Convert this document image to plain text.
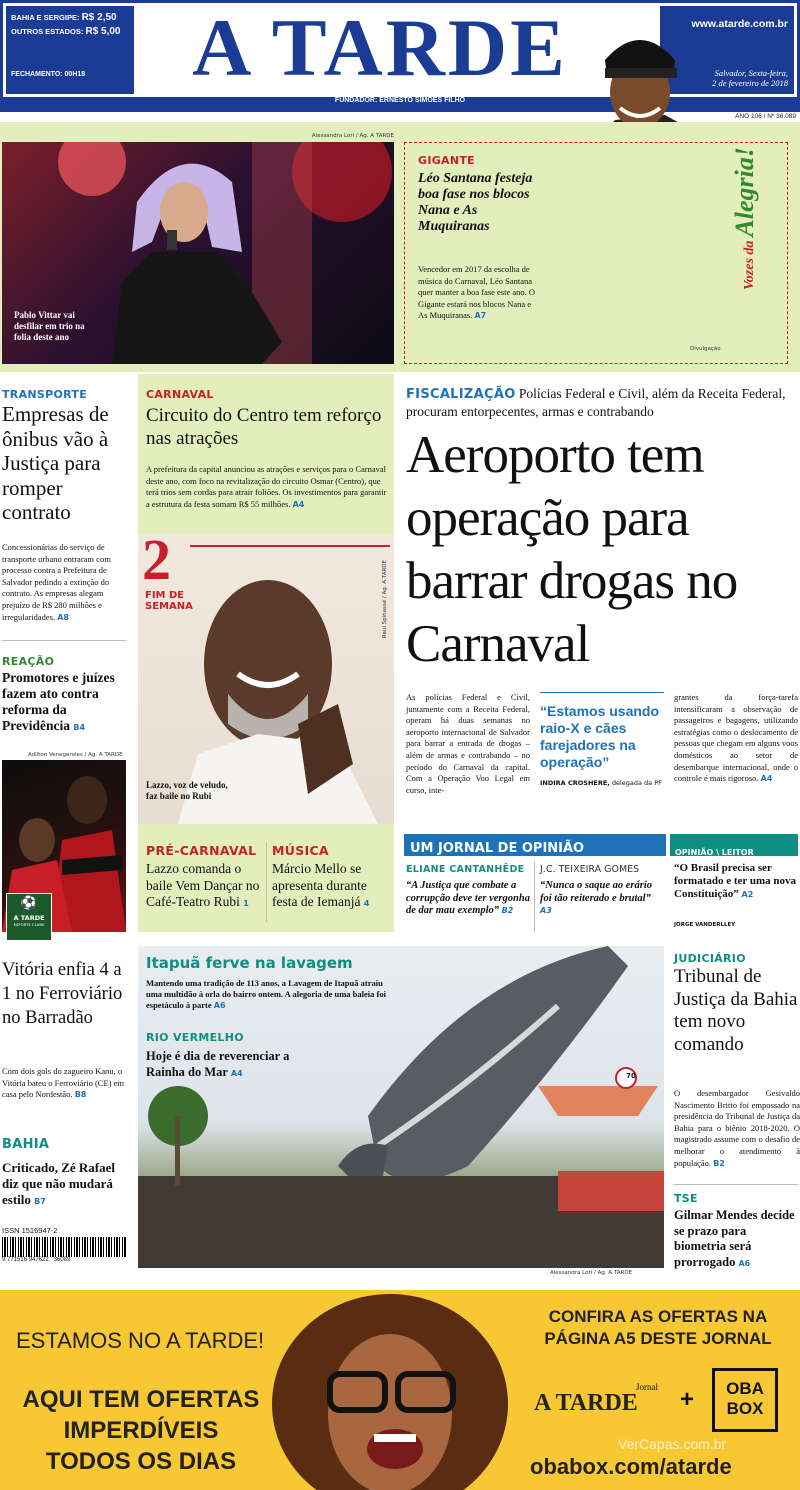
BAHIA E SERGIPE: R$ 2,50
OUTROS ESTADOS: R$ 5,00
FECHAMENTO: 00H18	A TARDE
FUNDADOR: ERNESTO SIMÕES FILHO
www.atarde.com.br
Salvador, Sexta-feira,
2 de fevereiro de 2018
ANO 106 / Nº 36.089
Alessandra Lori / Ag. A TARDE
Pablo Vittar vai desfilar em trio na folia deste ano
GIGANTE
Léo Santana festeja boa fase nos blocos Nana e As Muquiranas
Vencedor em 2017 da escolha de música do Carnaval, Léo Santana quer manter a boa fase este ano. O Gigante estará nos blocos Nana e As Muquiranas. A7
Vozes da Alegria!
Divulgação
TRANSPORTE
Empresas de ônibus vão à Justiça para romper contrato
Concessionárias do serviço de transporte urbano entraram com processo contra a Prefeitura de Salvador pedindo a extinção do contrato. As empresas alegam prejuízo de R$ 280 milhões e irregularidades. A8
REAÇÃO
Promotores e juízes fazem ato contra reforma da Previdência B4
Adilton Venegeroles / Ag. A TARDE
⚽
A TARDE
ESPORTE CLUBE
Vitória enfia 4 a 1 no Ferroviário no Barradão
Com dois gols do zagueiro Kanu, o Vitória bateu o Ferroviário (CE) em casa pelo Nordestão. B8
BAHIA
Criticado, Zé Rafael diz que não mudará estilo B7
ISSN 1516947-2
9 771516 947622   36089
CARNAVAL
Circuito do Centro tem reforço nas atrações
A prefeitura da capital anunciou as atrações e serviços para o Carnaval deste ano, com foco na revitalização do circuito Osmar (Centro), que terá trios sem cordas para atrair foliões. Os investimentos para garantir a estrutura da festa somam R$ 55 milhões. A4
2
FIM DE
SEMANA	Raul Spinassé / Ag. A TARDE
Lazzo, voz de veludo, faz baile no Rubi
PRÉ-CARNAVAL
Lazzo comanda o baile Vem Dançar no Café-Teatro Rubi 1
MÚSICA
Márcio Mello se apresenta durante festa de Iemanjá 4
FISCALIZAÇÃO Polícias Federal e Civil, além da Receita Federal, procuram entorpecentes, armas e contrabando
Aeroporto tem operação para barrar drogas no Carnaval
As polícias Federal e Civil, juntamente com a Receita Federal, operam há duas semanas no aeroporto internacional de Salvador para barrar a entrada de drogas – além de armas e contrabando – no período do Carnaval da capital. Com a Operação Voo Legal em curso, inte-
“Estamos usando raio-X e cães farejadores na operação”
INDIRA CROSHERE, delegada da PF
grantes da força-tarefa intensificaram a observação de passageiros e bagagens, utilizando estratégias como o deslocamento de pessoas que chegam em alguns voos domésticos ao setor de desembarque internacional, onde o controle é mais rigoroso. A4
UM JORNAL DE OPINIÃO	OPINIÃO \ LEITOR
ELIANE CANTANHÊDE
“A Justiça que combate a corrupção deve ter vergonha de dar mau exemplo” B2
J.C. TEIXEIRA GOMES
“Nunca o saque ao erário foi tão reiterado e brutal” A3
“O Brasil precisa ser formatado e ter uma nova Constituição” A2
JORGE VANDERLLEY
70
Itapuã ferve na lavagem
Mantendo uma tradição de 113 anos, a Lavagem de Itapuã atraiu uma multidão à orla do bairro ontem. A alegoria de uma baleia foi espetáculo à parte A6
RIO VERMELHO
Hoje é dia de reverenciar a Rainha do Mar A4
Alessandra Lori / Ag. A TARDE
JUDICIÁRIO
Tribunal de Justiça da Bahia tem novo comando
O desembargador Gesivaldo Nascimento Britto foi empossado na presidência do Tribunal de Justiça da Bahia para o biênio 2018-2020. O magistrado assume com o desafio de melhorar o atendimento à população. B2
TSE
Gilmar Mendes decide se prazo para biometria será prorrogado A6
ESTAMOS NO A TARDE!
AQUI TEM OFERTAS
IMPERDÍVEIS
TODOS OS DIAS
CONFIRA AS OFERTAS NA
PÁGINA A5 DESTE JORNAL
Jornal
A TARDE +	OBA
BOX
VerCapas.com.br
obabox.com/atarde
